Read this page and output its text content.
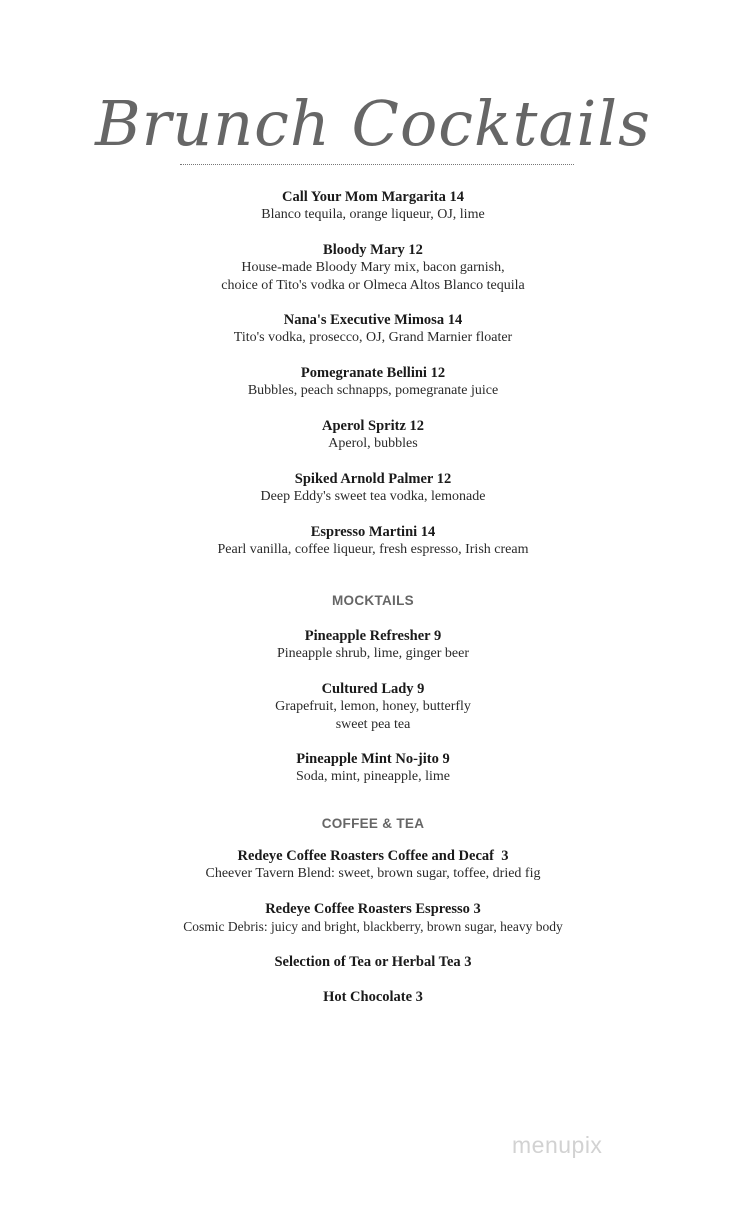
Brunch Cocktails
Call Your Mom Margarita 14
Blanco tequila, orange liqueur, OJ, lime
Bloody Mary 12
House-made Bloody Mary mix, bacon garnish,
choice of Tito's vodka or Olmeca Altos Blanco tequila
Nana's Executive Mimosa 14
Tito's vodka, prosecco, OJ, Grand Marnier floater
Pomegranate Bellini 12
Bubbles, peach schnapps, pomegranate juice
Aperol Spritz 12
Aperol, bubbles
Spiked Arnold Palmer 12
Deep Eddy's sweet tea vodka, lemonade
Espresso Martini 14
Pearl vanilla, coffee liqueur, fresh espresso, Irish cream
MOCKTAILS
Pineapple Refresher 9
Pineapple shrub, lime, ginger beer
Cultured Lady 9
Grapefruit, lemon, honey, butterfly
sweet pea tea
Pineapple Mint No-jito 9
Soda, mint, pineapple, lime
COFFEE & TEA
Redeye Coffee Roasters Coffee and Decaf  3
Cheever Tavern Blend: sweet, brown sugar, toffee, dried fig
Redeye Coffee Roasters Espresso 3
Cosmic Debris: juicy and bright, blackberry, brown sugar, heavy body
Selection of Tea or Herbal Tea 3
Hot Chocolate 3
menupix
